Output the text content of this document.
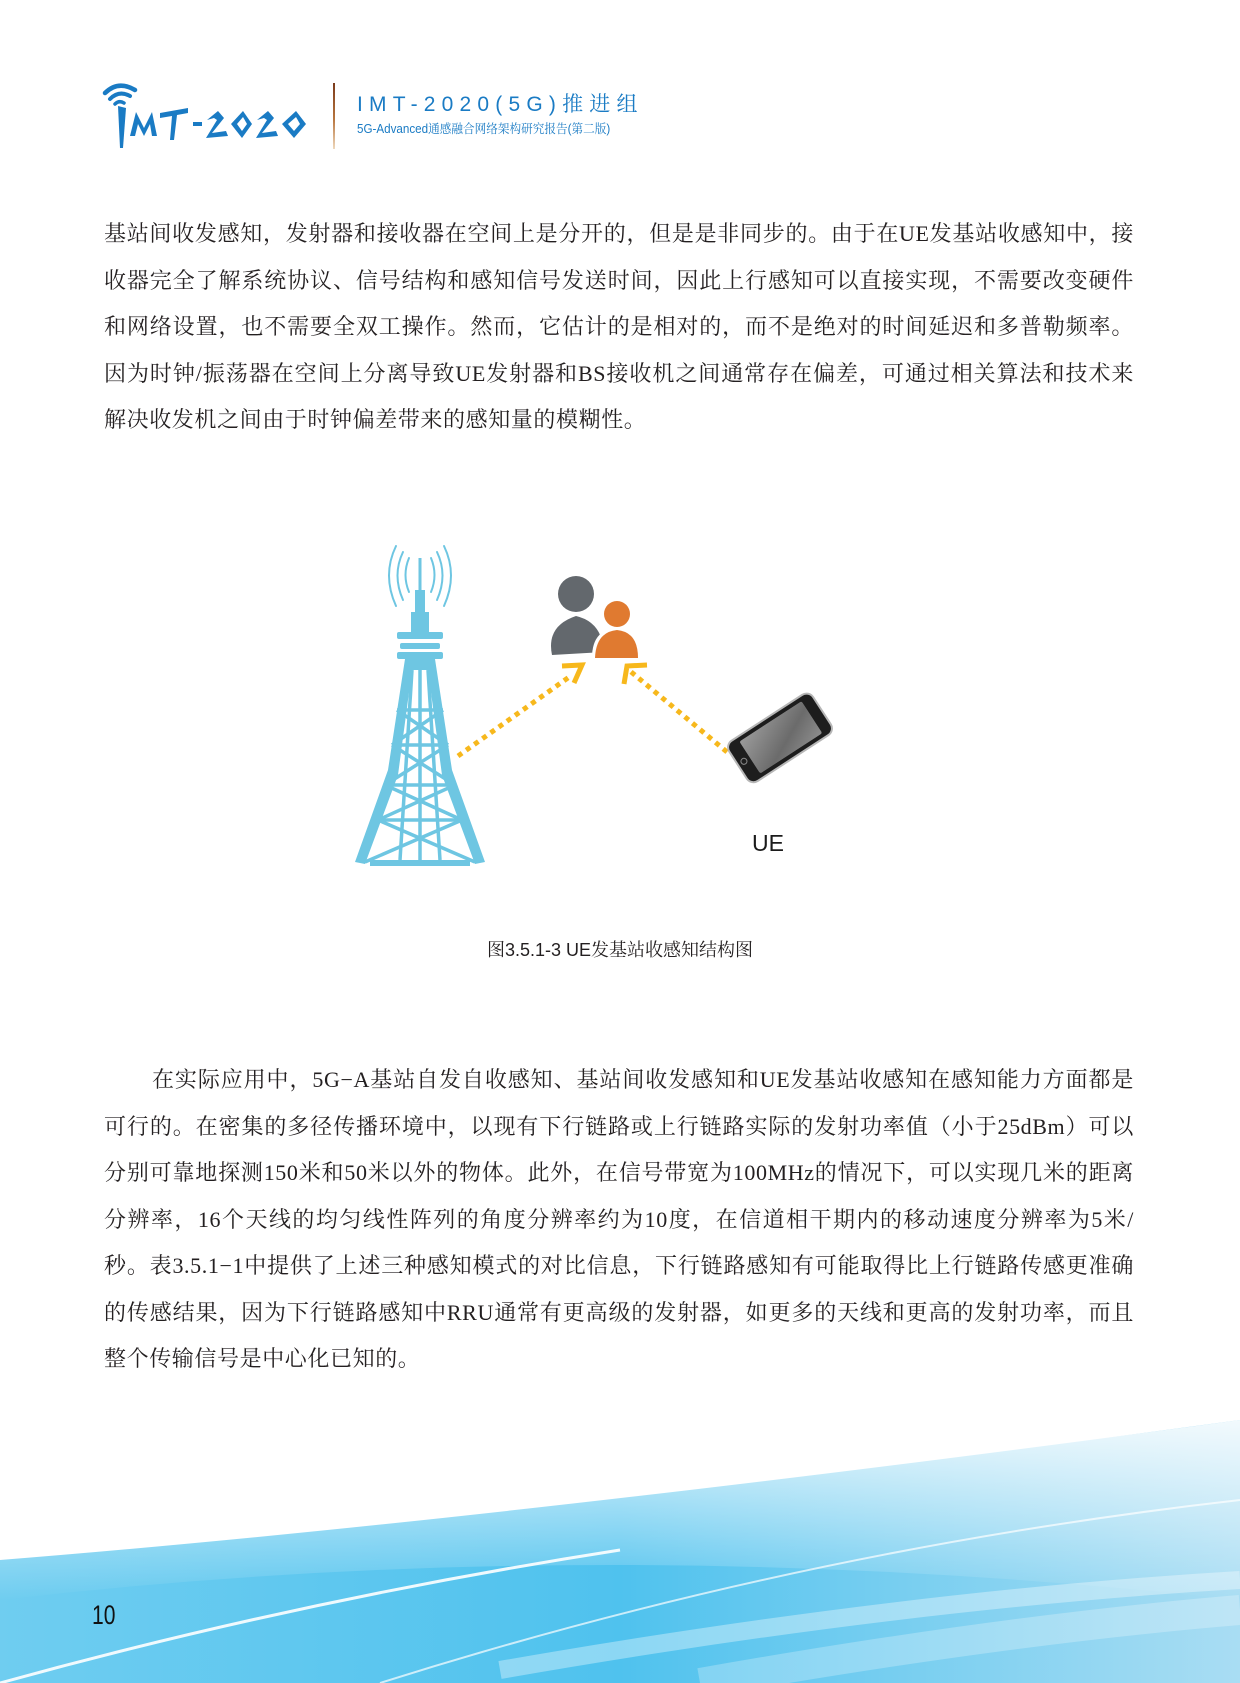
IMT-2020(5G)推进组
5G-Advanced通感融合网络架构研究报告(第二版)

基站间收发感知，发射器和接收器在空间上是分开的，但是是非同步的。由于在UE发基站收感知中，接收器完全了解系统协议、信号结构和感知信号发送时间，因此上行感知可以直接实现，不需要改变硬件和网络设置，也不需要全双工操作。然而，它估计的是相对的，而不是绝对的时间延迟和多普勒频率。因为时钟/振荡器在空间上分离导致UE发射器和BS接收机之间通常存在偏差，可通过相关算法和技术来解决收发机之间由于时钟偏差带来的感知量的模糊性。

UE
图3.5.1-3 UE发基站收感知结构图

在实际应用中，5G−A基站自发自收感知、基站间收发感知和UE发基站收感知在感知能力方面都是可行的。在密集的多径传播环境中，以现有下行链路或上行链路实际的发射功率值（小于25dBm）可以分别可靠地探测150米和50米以外的物体。此外，在信号带宽为100MHz的情况下，可以实现几米的距离分辨率，16个天线的均匀线性阵列的角度分辨率约为10度，在信道相干期内的移动速度分辨率为5米/秒。表3.5.1−1中提供了上述三种感知模式的对比信息，下行链路感知有可能取得比上行链路传感更准确的传感结果，因为下行链路感知中RRU通常有更高级的发射器，如更多的天线和更高的发射功率，而且整个传输信号是中心化已知的。

10
